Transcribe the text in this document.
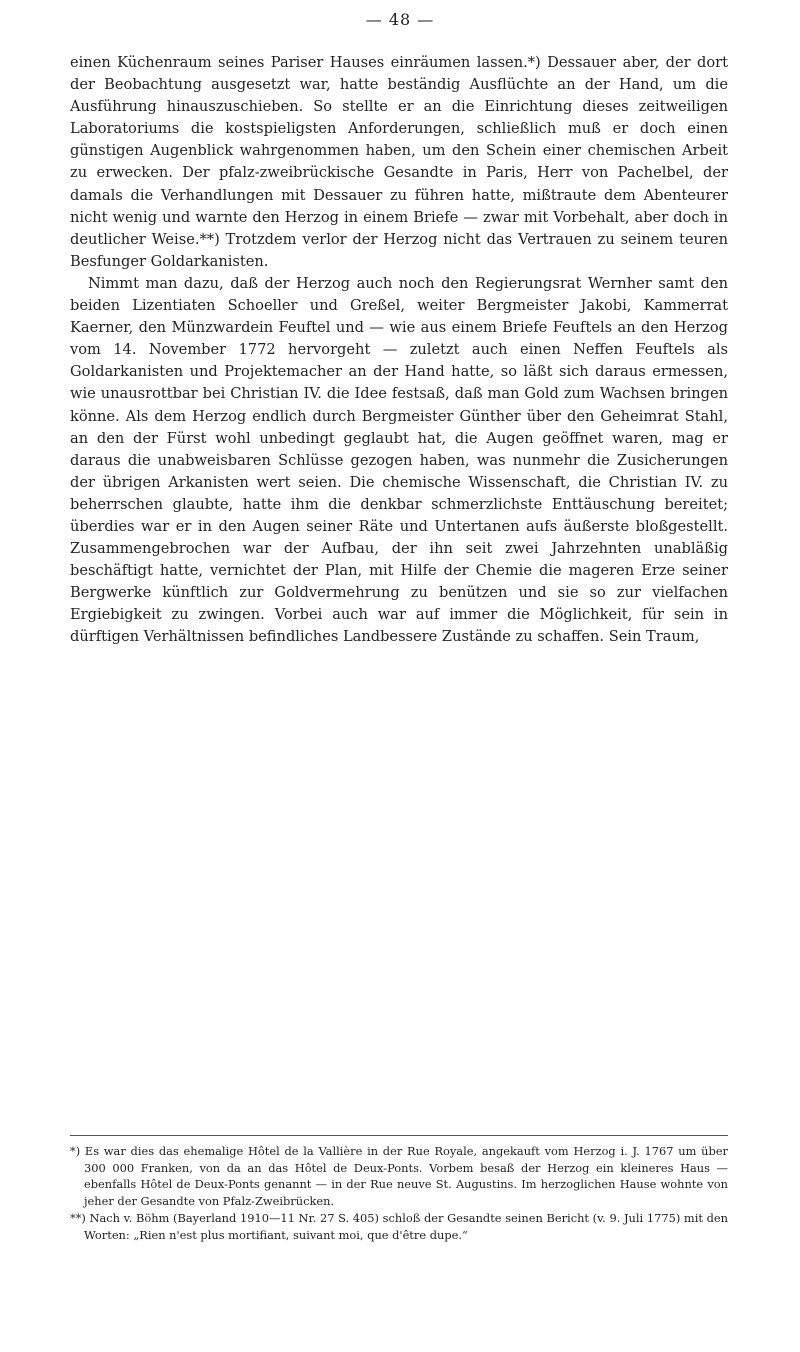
— 48 —

einen Küchenraum seines Pariser Hauses einräumen lassen.*) Dessauer aber, der dort der Beobachtung ausgesetzt war, hatte beständig Ausflüchte an der Hand, um die Ausführung hinauszuschieben. So stellte er an die Einrichtung dieses zeitweiligen Laboratoriums die kostspieligsten Anforderungen, schließlich muß er doch einen günstigen Augenblick wahrgenommen haben, um den Schein einer chemischen Arbeit zu erwecken. Der pfalz-zweibrückische Gesandte in Paris, Herr von Pachelbel, der damals die Verhandlungen mit Dessauer zu führen hatte, mißtraute dem Abenteurer nicht wenig und warnte den Herzog in einem Briefe — zwar mit Vorbehalt, aber doch in deutlicher Weise.**) Trotzdem verlor der Herzog nicht das Vertrauen zu seinem teuren Besfunger Goldarkanisten.

Nimmt man dazu, daß der Herzog auch noch den Regierungsrat Wernher samt den beiden Lizentiaten Schoeller und Greßel, weiter Bergmeister Jakobi, Kammerrat Kaerner, den Münzwardein Feuftel und — wie aus einem Briefe Feuftels an den Herzog vom 14. November 1772 hervorgeht — zuletzt auch einen Neffen Feuftels als Goldarkanisten und Projektemacher an der Hand hatte, so läßt sich daraus ermessen, wie unausrottbar bei Christian IV. die Idee festsaß, daß man Gold zum Wachsen bringen könne. Als dem Herzog endlich durch Bergmeister Günther über den Geheimrat Stahl, an den der Fürst wohl unbedingt geglaubt hat, die Augen geöffnet waren, mag er daraus die unabweisbaren Schlüsse gezogen haben, was nunmehr die Zusicherungen der übrigen Arkanisten wert seien. Die chemische Wissenschaft, die Christian IV. zu beherrschen glaubte, hatte ihm die denkbar schmerzlichste Enttäuschung bereitet; überdies war er in den Augen seiner Räte und Untertanen aufs äußerste bloßgestellt. Zusammengebrochen war der Aufbau, der ihn seit zwei Jahrzehnten unabläßig beschäftigt hatte, vernichtet der Plan, mit Hilfe der Chemie die mageren Erze seiner Bergwerke künftlich zur Goldvermehrung zu benützen und sie so zur vielfachen Ergiebigkeit zu zwingen. Vorbei auch war auf immer die Möglichkeit, für sein in dürftigen Verhältnissen befindliches Landbessere Zustände zu schaffen. Sein Traum,

*) Es war dies das ehemalige Hôtel de la Vallière in der Rue Royale, angekauft vom Herzog i. J. 1767 um über 300 000 Franken, von da an das Hôtel de Deux-Ponts. Vorbem besaß der Herzog ein kleineres Haus — ebenfalls Hôtel de Deux-Ponts genannt — in der Rue neuve St. Augustins. Im herzoglichen Hause wohnte von jeher der Gesandte von Pfalz-Zweibrücken.

**) Nach v. Böhm (Bayerland 1910—11 Nr. 27 S. 405) schloß der Gesandte seinen Bericht (v. 9. Juli 1775) mit den Worten: „Rien n'est plus mortifiant, suivant moi, que d'être dupe.“
